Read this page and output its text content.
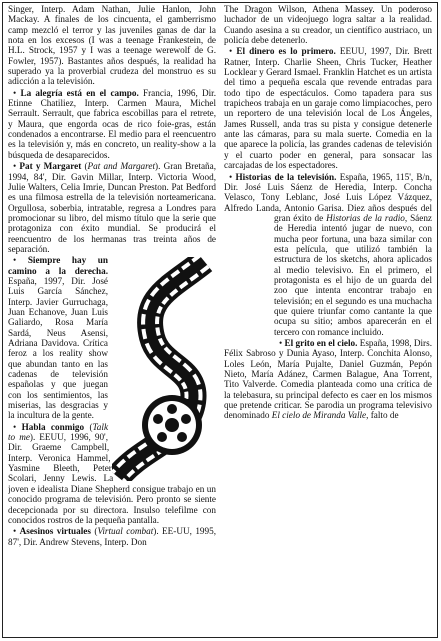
Singer, Interp. Adam Nathan, Julie Hanlon, John Mackay. A finales de los cincuenta, el gamberrismo camp mezcló el terror y las juveniles ganas de dar la nota en los excesos (I was a teenage Frankestein, de H.L. Strock, 1957 y I was a teenage werewolf de G. Fowler, 1957). Bastantes años después, la realidad ha superado ya la proverbial crudeza del monstruo es su adicción a la televisión.

• La alegría está en el campo. Francia, 1996, Dir. Etinne Chatiliez, Interp. Carmen Maura, Michel Serrault. Serrault, que fabrica escobillas para el retrete, y Maura, que engorda ocas de rico foie-gras, están condenados a encontrarse. El medio para el reencuentro es la televisión y, más en concreto, un reality-show a la búsqueda de desaparecidos.

• Pat y Margaret (Pat and Margaret). Gran Bretaña, 1994, 84', Dir. Gavin Millar, Interp. Victoria Wood, Julie Walters, Celia Imrie, Duncan Preston. Pat Bedford es una filmosa estrella de la televisión norteamericana. Orgullosa, soberbia, intratable, regresa a Londres para promocionar su libro, del mismo título que la serie que protagoniza con éxito mundial. Se producirá el reencuentro de los hermanas tras treinta años de separación.

• Siempre hay un camino a la derecha. España, 1997, Dir. José Luis García Sánchez, Interp. Javier Gurruchaga, Juan Echanove, Juan Luis Galiardo, Rosa María Sardá, Neus Asensi, Adriana Davidova. Crítica feroz a los reality show que abundan tanto en las cadenas de televisión españolas y que juegan con los sentimientos, las miserias, las desgracias y la incultura de la gente.

• Habla conmigo (Talk to me). EEUU, 1996, 90', Dir. Graeme Campbell, Interp. Veronica Hammel, Yasmine Bleeth, Peter Scolari, Jenny Lewis. La joven e idealista Diane Shepherd consigue trabajo en un conocido programa de televisión. Pero pronto se siente decepcionada por su directora. Insulso telefilme con conocidos rostros de la pequeña pantalla.

• Asesinos virtuales (Virtual combat). EE-UU, 1995, 87', Dir. Andrew Stevens, Interp. Don

The Dragon Wilson, Athena Massey. Un poderoso luchador de un videojuego logra saltar a la realidad. Cuando asesina a su creador, un científico austriaco, un policía debe detenerlo.

• El dinero es lo primero. EEUU, 1997, Dir. Brett Ratner, Interp. Charlie Sheen, Chris Tucker, Heather Locklear y Gerard Ismael. Franklin Hatchet es un artista del timo a pequeña escala que revende entradas para todo tipo de espectáculos. Como tapadera para sus trapicheos trabaja en un garaje como limpiacoches, pero un reportero de una televisión local de Los Ángeles, James Russell, anda tras su pista y consigue detenerle ante las cámaras, para su mala suerte. Comedia en la que aparece la policía, las grandes cadenas de televisión y el cuarto poder en general, para sonsacar las carcajadas de los espectadores.

• Historias de la televisión. España, 1965, 115', B/n, Dir. José Luis Sáenz de Heredia, Interp. Concha Velasco, Tony Leblanc, José Luis López Vázquez, Alfredo Landa, Antonio Garisa. Diez años después del gran éxito de
Historias de la radio, Sáenz de Heredia intentó jugar de nuevo, con mucha peor fortuna, una baza similar con esta película, que utilizó también la estructura de los sketchs, ahora aplicados al medio televisivo. En el primero, el protagonista es el hijo de un guarda del zoo que intenta encontrar trabajo en televisión; en el segundo es una muchacha que quiere triunfar como cantante la que ocupa su sitio; ambos aparecerán en el tercero con romance incluido.

• El grito en el cielo. España, 1998, Dirs. Félix Sabroso y Dunia Ayaso, Interp. Conchita Alonso, Loles León, María Pujalte, Daniel Guzmán, Pepón Nieto, María Adánez, Carmen Balague, Ana Torrent, Tito Valverde. Comedia planteada como una crítica de la telebasura, su principal defecto es caer en los mismos que pretende criticar. Se parodia un programa televisivo denominado El cielo de Miranda Valle, falto de
